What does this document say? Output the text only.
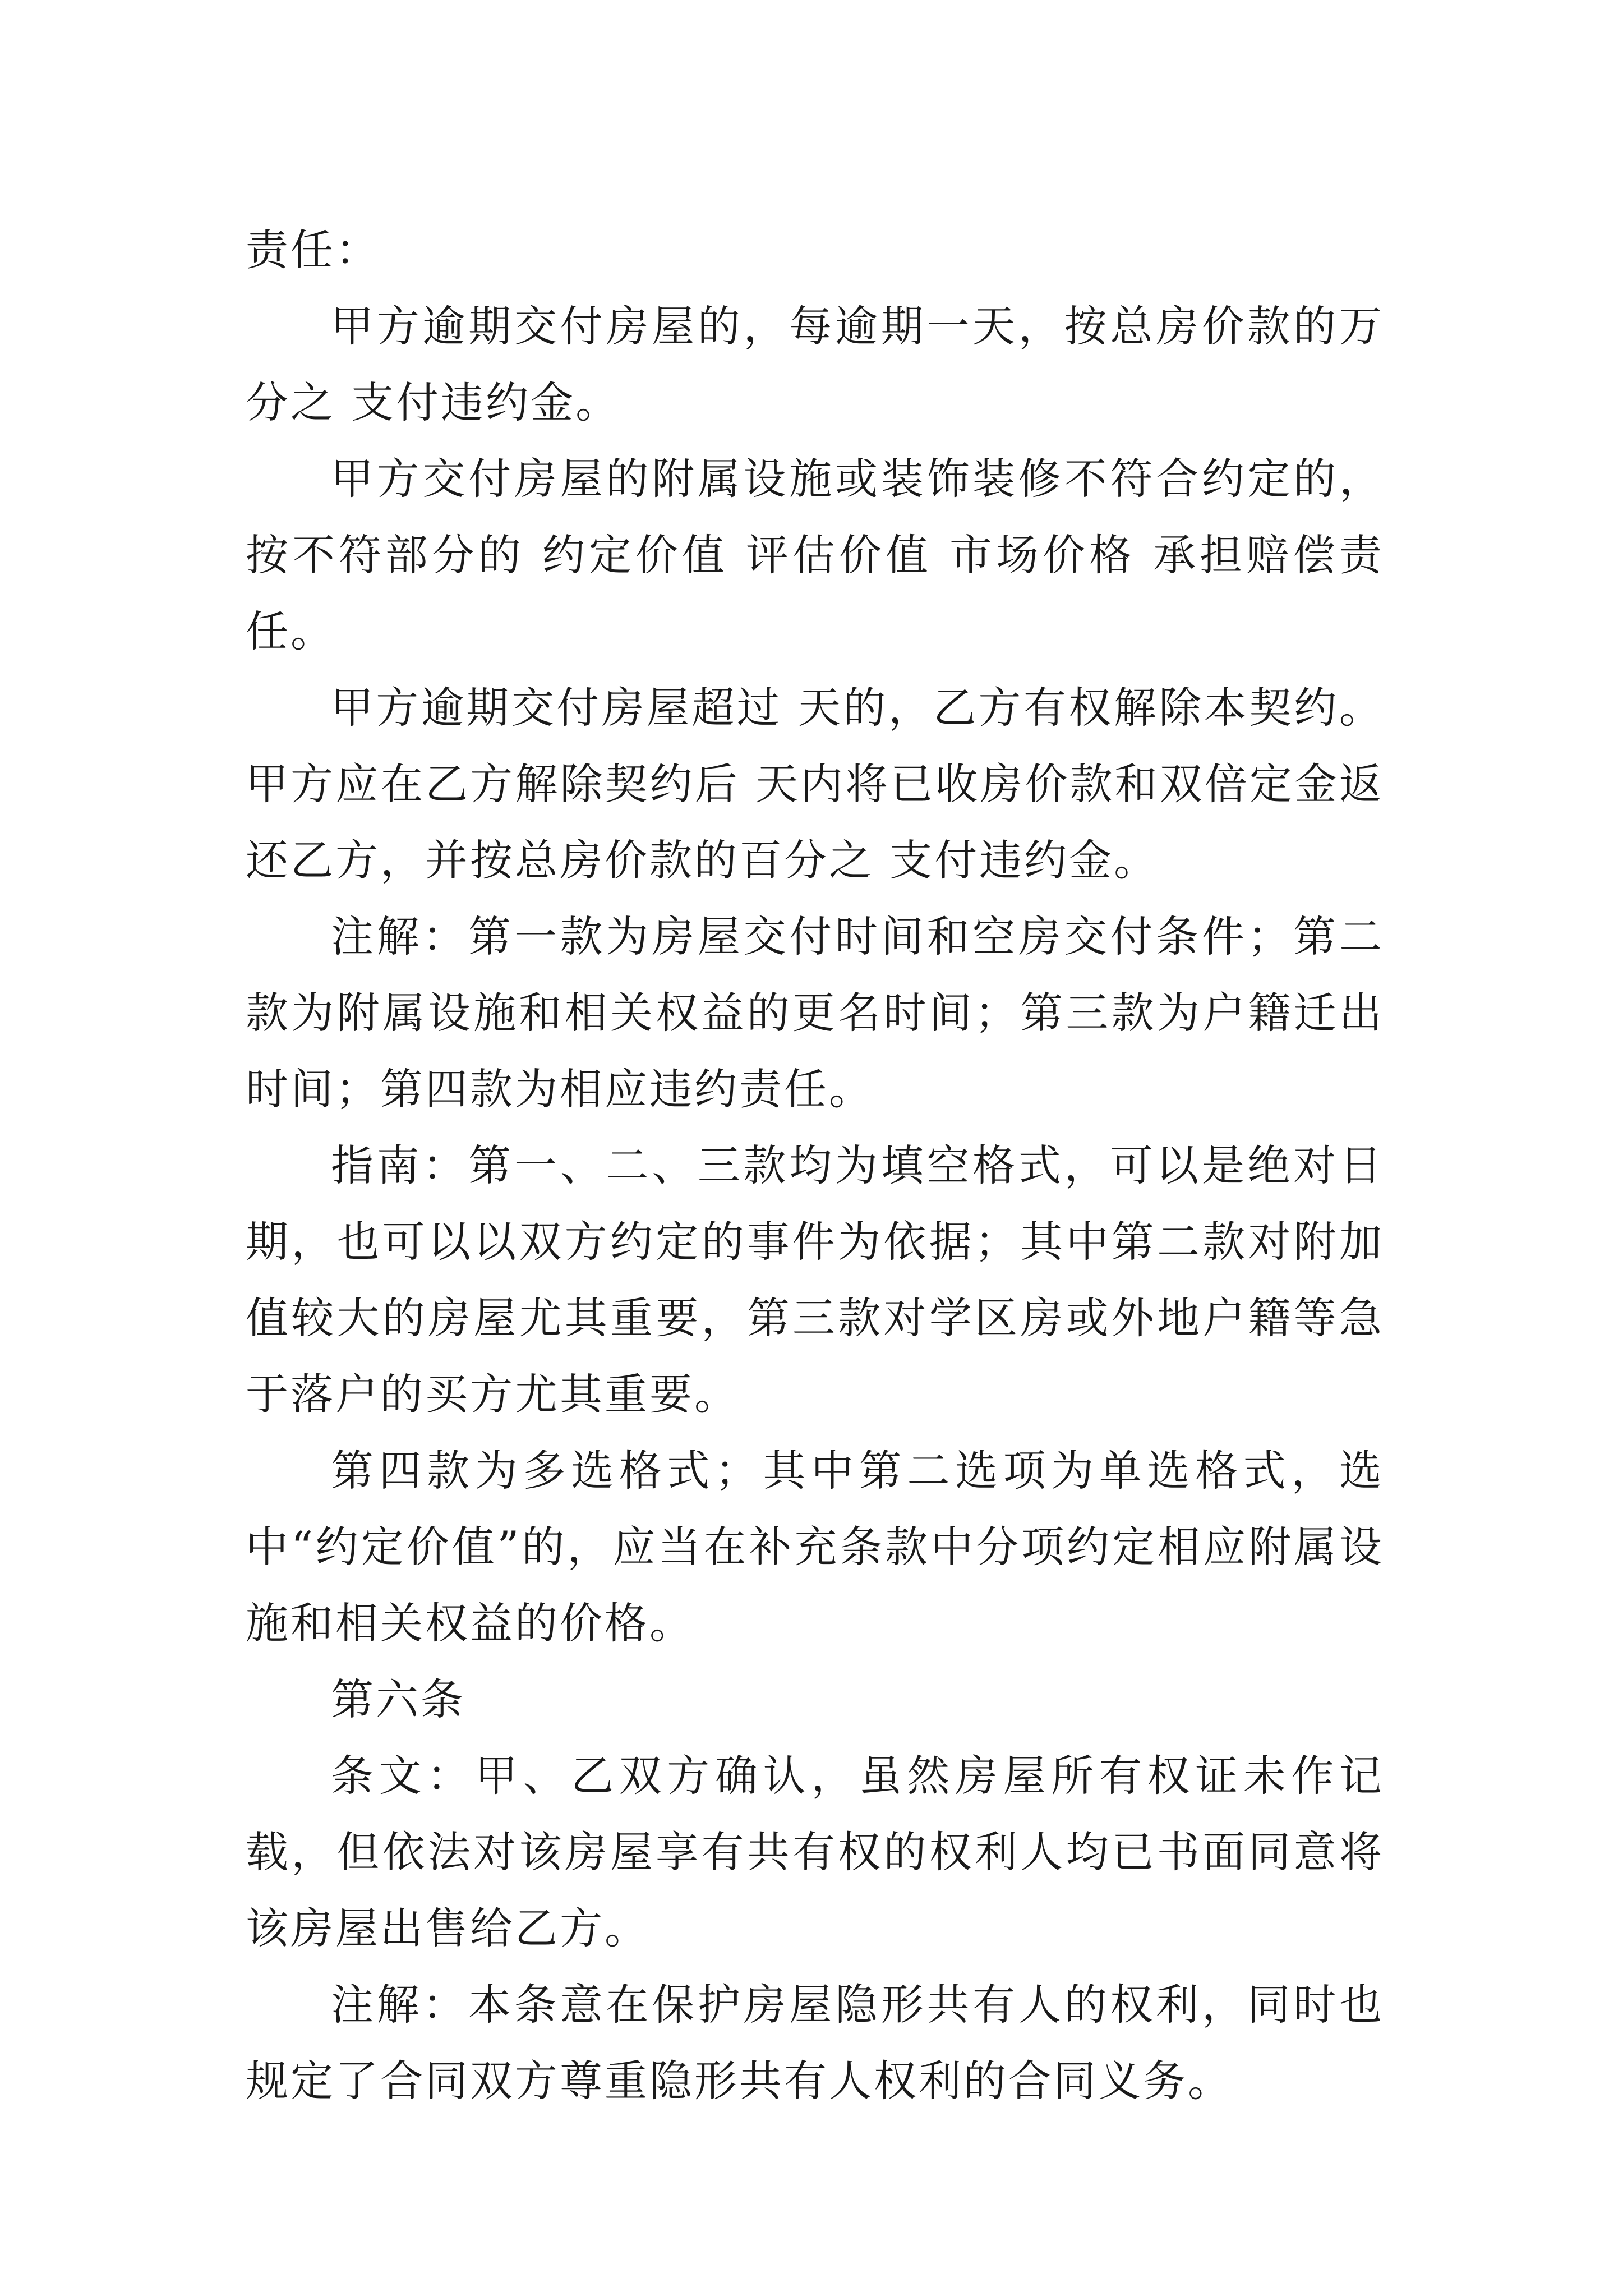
责任：

甲方逾期交付房屋的，每逾期一天，按总房价款的万分之 支付违约金。

甲方交付房屋的附属设施或装饰装修不符合约定的，按不符部分的 约定价值 评估价值 市场价格 承担赔偿责任。

甲方逾期交付房屋超过 天的，乙方有权解除本契约。甲方应在乙方解除契约后 天内将已收房价款和双倍定金返还乙方，并按总房价款的百分之 支付违约金。

注解：第一款为房屋交付时间和空房交付条件；第二款为附属设施和相关权益的更名时间；第三款为户籍迁出时间；第四款为相应违约责任。

指南：第一、二、三款均为填空格式，可以是绝对日期，也可以以双方约定的事件为依据；其中第二款对附加值较大的房屋尤其重要，第三款对学区房或外地户籍等急于落户的买方尤其重要。

第四款为多选格式；其中第二选项为单选格式，选中“约定价值”的，应当在补充条款中分项约定相应附属设施和相关权益的价格。

第六条

条文：甲、乙双方确认，虽然房屋所有权证未作记载，但依法对该房屋享有共有权的权利人均已书面同意将该房屋出售给乙方。

注解：本条意在保护房屋隐形共有人的权利，同时也规定了合同双方尊重隐形共有人权利的合同义务。
